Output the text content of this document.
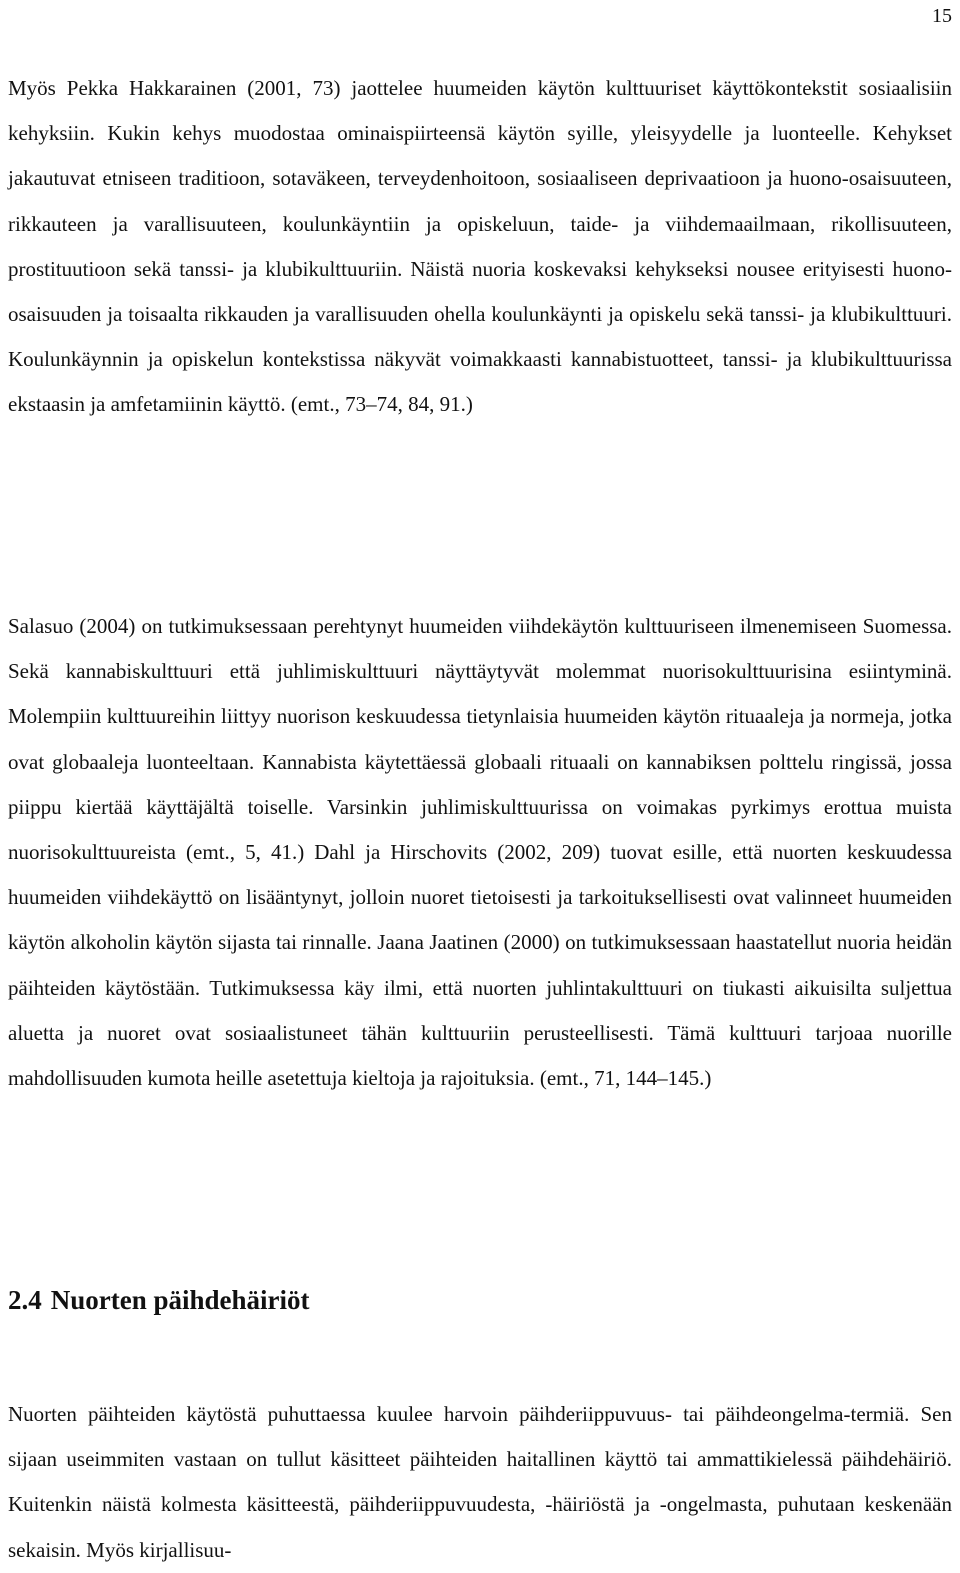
15

Myös Pekka Hakkarainen (2001, 73) jaottelee huumeiden käytön kulttuuriset käyttökontekstit sosiaalisiin kehyksiin. Kukin kehys muodostaa ominaispiirteensä käytön syille, yleisyydelle ja luonteelle. Kehykset jakautuvat etniseen traditioon, sotaväkeen, terveydenhoitoon, sosiaaliseen deprivaatioon ja huono-osaisuuteen, rikkauteen ja varallisuuteen, koulunkäyntiin ja opiskeluun, taide- ja viihdemaailmaan, rikollisuuteen, prostituutioon sekä tanssi- ja klubikulttuuriin. Näistä nuoria koskevaksi kehykseksi nousee erityisesti huono-osaisuuden ja toisaalta rikkauden ja varallisuuden ohella koulunkäynti ja opiskelu sekä tanssi- ja klubikulttuuri. Koulunkäynnin ja opiskelun kontekstissa näkyvät voimakkaasti kannabistuotteet, tanssi- ja klubikulttuurissa ekstaasin ja amfetamiinin käyttö. (emt., 73–74, 84, 91.)

Salasuo (2004) on tutkimuksessaan perehtynyt huumeiden viihdekäytön kulttuuriseen ilmenemiseen Suomessa. Sekä kannabiskulttuuri että juhlimiskulttuuri näyttäytyvät molemmat nuorisokulttuurisina esiintyminä. Molempiin kulttuureihin liittyy nuorison keskuudessa tietynlaisia huumeiden käytön rituaaleja ja normeja, jotka ovat globaaleja luonteeltaan. Kannabista käytettäessä globaali rituaali on kannabiksen polttelu ringissä, jossa piippu kiertää käyttäjältä toiselle. Varsinkin juhlimiskulttuurissa on voimakas pyrkimys erottua muista nuorisokulttuureista (emt., 5, 41.) Dahl ja Hirschovits (2002, 209) tuovat esille, että nuorten keskuudessa huumeiden viihdekäyttö on lisääntynyt, jolloin nuoret tietoisesti ja tarkoituksellisesti ovat valinneet huumeiden käytön alkoholin käytön sijasta tai rinnalle. Jaana Jaatinen (2000) on tutkimuksessaan haastatellut nuoria heidän päihteiden käytöstään. Tutkimuksessa käy ilmi, että nuorten juhlintakulttuuri on tiukasti aikuisilta suljettua aluetta ja nuoret ovat sosiaalistuneet tähän kulttuuriin perusteellisesti. Tämä kulttuuri tarjoaa nuorille mahdollisuuden kumota heille asetettuja kieltoja ja rajoituksia. (emt., 71, 144–145.)

2.4 Nuorten päihdehäiriöt

Nuorten päihteiden käytöstä puhuttaessa kuulee harvoin päihderiippuvuus- tai päihdeongelma-termiä. Sen sijaan useimmiten vastaan on tullut käsitteet päihteiden haitallinen käyttö tai ammattikielessä päihdehäiriö. Kuitenkin näistä kolmesta käsitteestä, päihderiippuvuudesta, -häiriöstä ja -ongelmasta, puhutaan keskenään sekaisin. Myös kirjallisuu-
